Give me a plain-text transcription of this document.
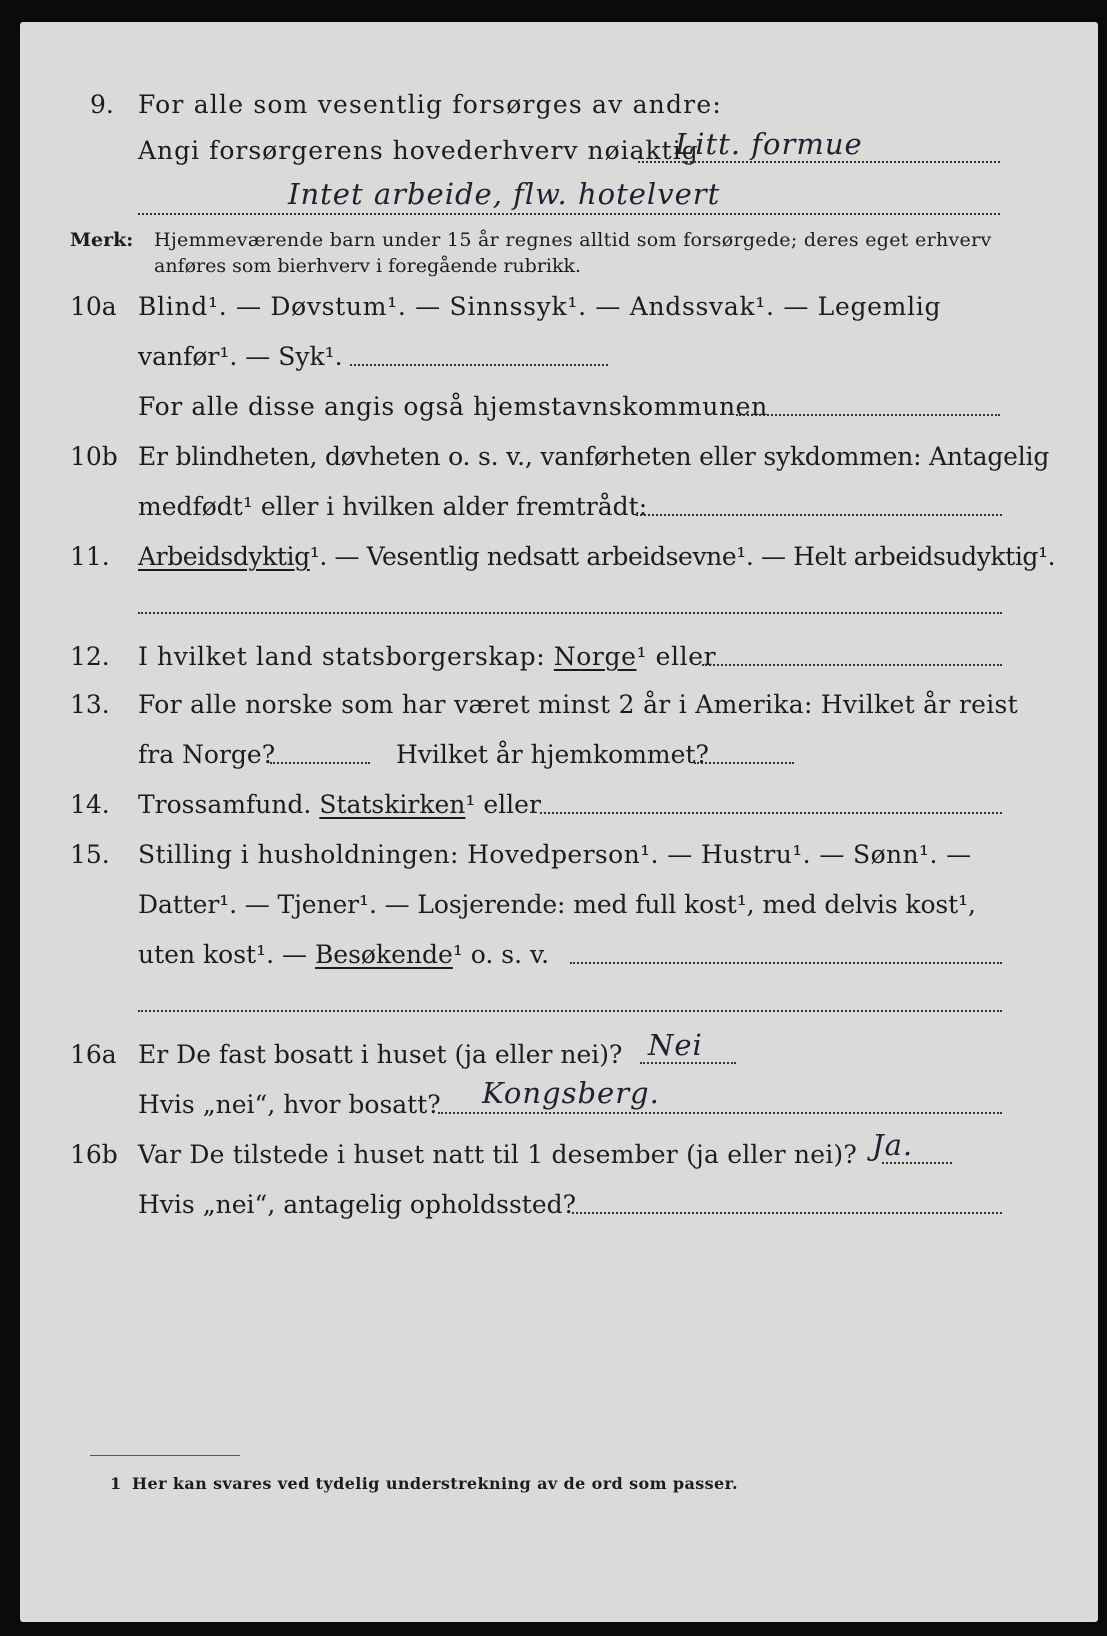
9. For alle som vesentlig forsørges av andre:
Angi forsørgerens hovederhverv nøiaktig
Litt. formue
Intet arbeide, flw. hotelvert
Merk: Hjemmeværende barn under 15 år regnes alltid som forsørgede; deres eget erhverv
anføres som bierhverv i foregående rubrikk.
10a Blind¹. — Døvstum¹. — Sinnssyk¹. — Andssvak¹. — Legemlig
vanfør¹. — Syk¹.
For alle disse angis også hjemstavnskommunen
10b Er blindheten, døvheten o. s. v., vanførheten eller sykdommen: Antagelig
medfødt¹ eller i hvilken alder fremtrådt:
11. Arbeidsdyktig¹. — Vesentlig nedsatt arbeidsevne¹. — Helt arbeidsudyktig¹.
12. I hvilket land statsborgerskap: Norge¹ eller
13. For alle norske som har været minst 2 år i Amerika: Hvilket år reist
fra Norge?	Hvilket år hjemkommet?
14. Trossamfund. Statskirken¹ eller
15. Stilling i husholdningen: Hovedperson¹. — Hustru¹. — Sønn¹. —
Datter¹. — Tjener¹. — Losjerende: med full kost¹, med delvis kost¹,
uten kost¹. — Besøkende¹ o. s. v.
16a Er De fast bosatt i huset (ja eller nei)? Nei
Hvis „nei“, hvor bosatt? Kongsberg.
16b Var De tilstede i huset natt til 1 desember (ja eller nei)? Ja.
Hvis „nei“, antagelig opholdssted?
1 Her kan svares ved tydelig understrekning av de ord som passer.
